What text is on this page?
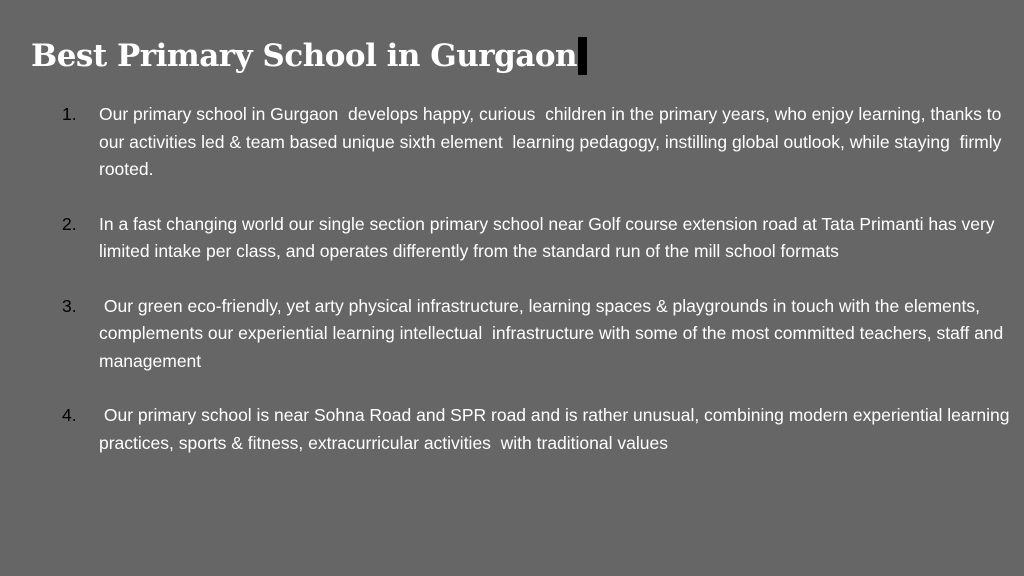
Best Primary School in Gurgaon
1. Our primary school in Gurgaon  develops happy, curious  children in the primary years, who enjoy learning, thanks to our activities led & team based unique sixth element  learning pedagogy, instilling global outlook, while staying  firmly  rooted.

2. In a fast changing world our single section primary school near Golf course extension road at Tata Primanti has very limited intake per class, and operates differently from the standard run of the mill school formats

3. Our green eco-friendly, yet arty physical infrastructure, learning spaces & playgrounds in touch with the elements, complements our experiential learning intellectual  infrastructure with some of the most committed teachers, staff and management

4. Our primary school is near Sohna Road and SPR road and is rather unusual, combining modern experiential learning practices, sports & fitness, extracurricular activities  with traditional values
